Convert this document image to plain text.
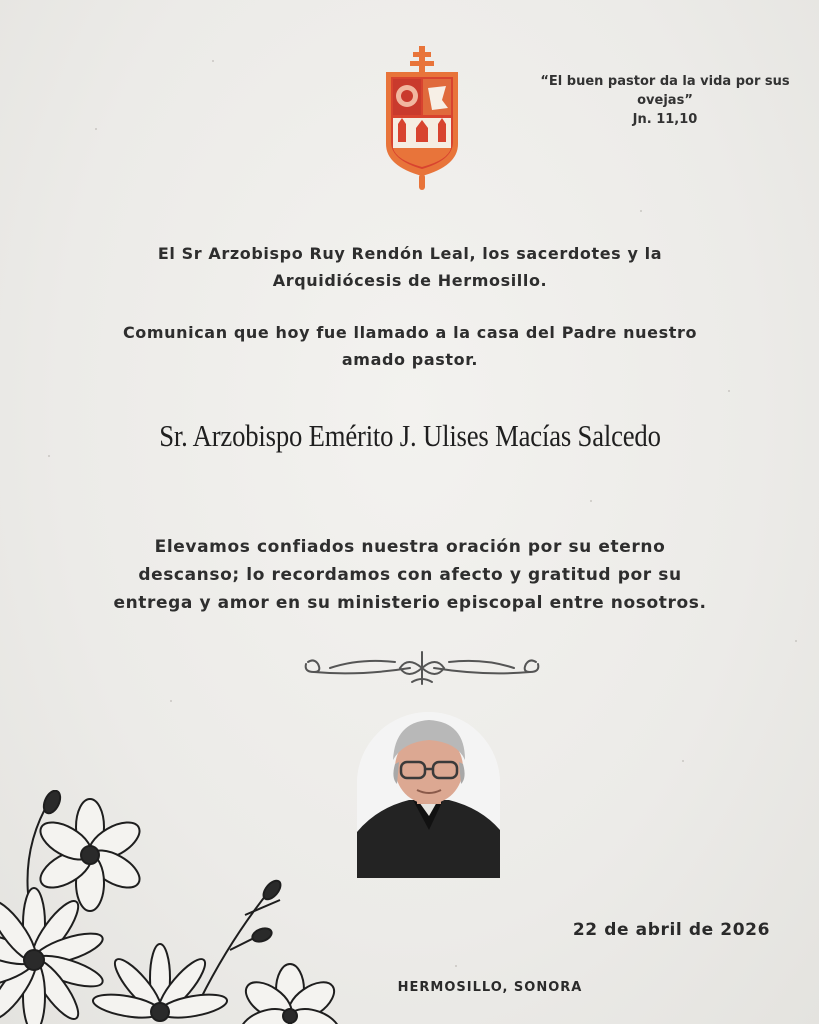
“El buen pastor da la vida por sus ovejas”
Jn. 11,10
El Sr Arzobispo Ruy Rendón Leal, los sacerdotes y la
Arquidiócesis de Hermosillo.
Comunican que hoy fue llamado a la casa del Padre nuestro
amado pastor.
Sr. Arzobispo Emérito J. Ulises Macías Salcedo
Elevamos confiados nuestra oración por su eterno
descanso; lo recordamos con afecto y gratitud por su
entrega y amor en su ministerio episcopal entre nosotros.
22 de abril de 2026
HERMOSILLO, SONORA
